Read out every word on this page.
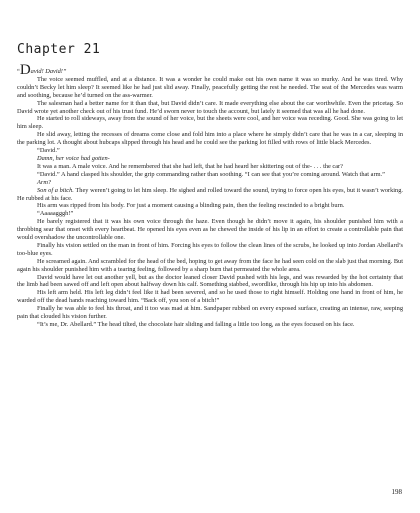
Chapter 21

“David! David!”

The voice seemed muffled, and at a distance. It was a wonder he could make out his own name it was so murky. And he was tired. Why couldn’t Becky let him sleep? It seemed like he had just slid away. Finally, peacefully getting the rest he needed. The seat of the Mercedes was warm and soothing, because he’d turned on the ass-warmer.

The salesman had a better name for it than that, but David didn’t care. It made everything else about the car worthwhile. Even the pricetag. So David wrote yet another check out of his trust fund. He’d sworn never to touch the account, but lately it seemed that was all he had done.

He started to roll sideways, away from the sound of her voice, but the sheets were cool, and her voice was receding. Good. She was going to let him sleep.

He slid away, letting the recesses of dreams come close and fold him into a place where he simply didn’t care that he was in a car, sleeping in the parking lot. A thought about hubcaps slipped through his head and he could see the parking lot filled with rows of little black Mercedes.

“David.”

Damn, her voice had gotten-

It was a man. A male voice. And he remembered that she had left, that he had heard her skittering out of the- . . . the car?

“David.” A hand clasped his shoulder, the grip commanding rather than soothing. “I can see that you’re coming around. Watch that arm.”

Arm?

Son of a bitch. They weren’t going to let him sleep. He sighed and rolled toward the sound, trying to force open his eyes, but it wasn’t working. He rubbed at his face.

His arm was ripped from his body. For just a moment causing a blinding pain, then the feeling rescinded to a bright burn.

“Aaaaagggh!”

He barely registered that it was his own voice through the haze. Even though he didn’t move it again, his shoulder punished him with a throbbing sear that onset with every heartbeat. He opened his eyes even as he chewed the inside of his lip in an effort to create a controllable pain that would overshadow the uncontrollable one.

Finally his vision settled on the man in front of him. Forcing his eyes to follow the clean lines of the scrubs, he looked up into Jordan Abellard’s too-blue eyes.

He screamed again. And scrambled for the head of the bed, hoping to get away from the face he had seen cold on the slab just that morning. But again his shoulder punished him with a tearing feeling, followed by a sharp burn that permeated the whole area.

David would have let out another yell, but as the doctor leaned closer David pushed with his legs, and was rewarded by the hot certainty that the limb had been sawed off and left open about halfway down his calf. Something stabbed, swordlike, through his hip up into his abdomen.

His left arm held. His left leg didn’t feel like it had been severed, and so he used those to right himself. Holding one hand in front of him, he warded off the dead hands reaching toward him. “Back off, you son of a bitch!”

Finally he was able to feel his throat, and it too was mad at him. Sandpaper rubbed on every exposed surface, creating an intense, raw, seeping pain that clouded his vision further.

“It’s me, Dr. Abellard.” The head tilted, the chocolate hair sliding and falling a little too long, as the eyes focused on his face.

198
